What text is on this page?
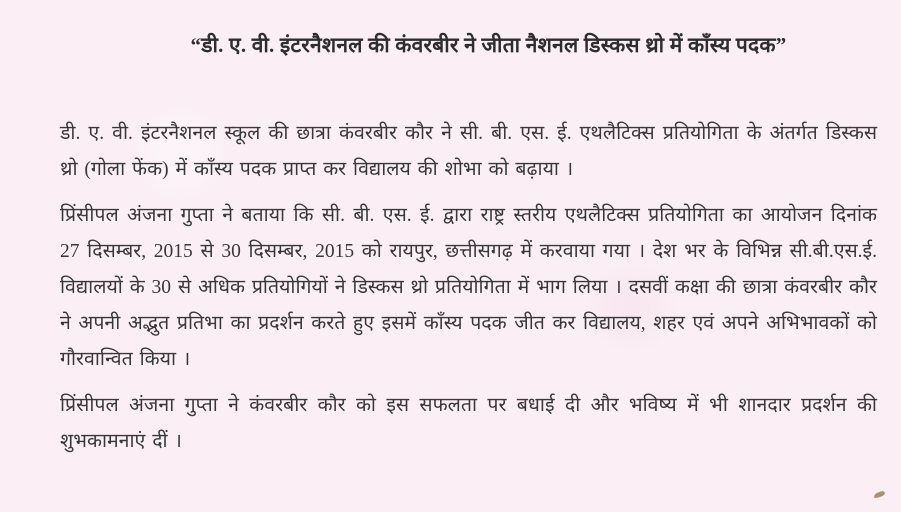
“डी. ए. वी. इंटरनैशनल की कंवरबीर ने जीता नैशनल डिस्कस थ्रो में काँस्य पदक”

डी. ए. वी. इंटरनैशनल स्कूल की छात्रा कंवरबीर कौर ने सी. बी. एस. ई. एथलैटिक्स प्रतियोगिता के अंतर्गत डिस्कस थ्रो (गोला फेंक) में काँस्य पदक प्राप्त कर विद्यालय की शोभा को बढ़ाया ।

प्रिंसीपल अंजना गुप्ता ने बताया कि सी. बी. एस. ई. द्वारा राष्ट्र स्तरीय एथलैटिक्स प्रतियोगिता का आयोजन दिनांक 27 दिसम्बर, 2015 से 30 दिसम्बर, 2015 को रायपुर, छत्तीसगढ़ में करवाया गया । देश भर के विभिन्न सी.बी.एस.ई. विद्यालयों के 30 से अधिक प्रतियोगियों ने डिस्कस थ्रो प्रतियोगिता में भाग लिया । दसवीं कक्षा की छात्रा कंवरबीर कौर ने अपनी अद्भुत प्रतिभा का प्रदर्शन करते हुए इसमें काँस्य पदक जीत कर विद्यालय, शहर एवं अपने अभिभावकों को गौरवान्वित किया ।

प्रिंसीपल अंजना गुप्ता ने कंवरबीर कौर को इस सफलता पर बधाई दी और भविष्य में भी शानदार प्रदर्शन की शुभकामनाएं दीं ।
